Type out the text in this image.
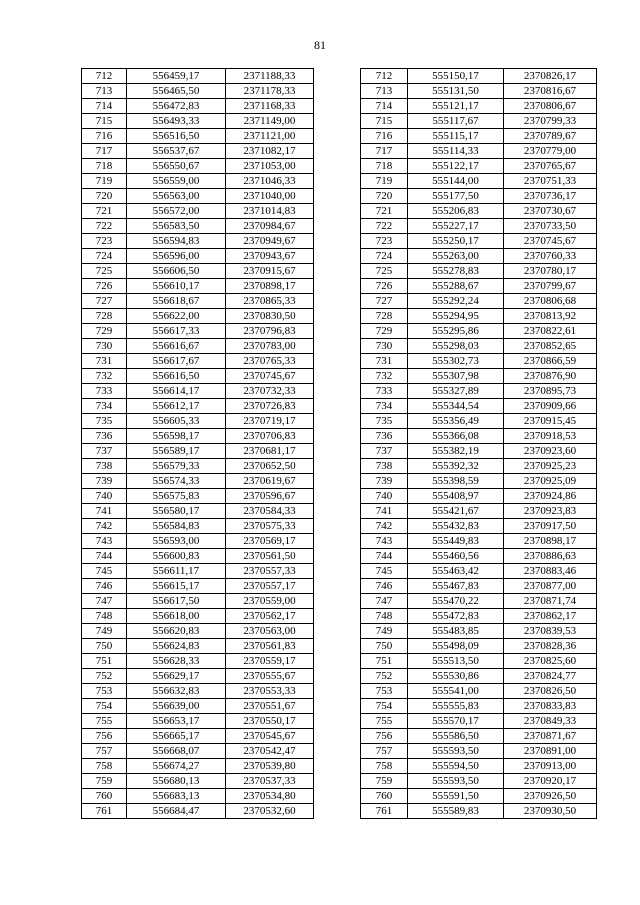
81
712	556459,17	2371188,33		712	555150,17	2370826,17
713	556465,50	2371178,33		713	555131,50	2370816,67
714	556472,83	2371168,33		714	555121,17	2370806,67
715	556493,33	2371149,00		715	555117,67	2370799,33
716	556516,50	2371121,00		716	555115,17	2370789,67
717	556537,67	2371082,17		717	555114,33	2370779,00
718	556550,67	2371053,00		718	555122,17	2370765,67
719	556559,00	2371046,33		719	555144,00	2370751,33
720	556563,00	2371040,00		720	555177,50	2370736,17
721	556572,00	2371014,83		721	555206,83	2370730,67
722	556583,50	2370984,67		722	555227,17	2370733,50
723	556594,83	2370949,67		723	555250,17	2370745,67
724	556596,00	2370943,67		724	555263,00	2370760,33
725	556606,50	2370915,67		725	555278,83	2370780,17
726	556610,17	2370898,17		726	555288,67	2370799,67
727	556618,67	2370865,33		727	555292,24	2370806,68
728	556622,00	2370830,50		728	555294,95	2370813,92
729	556617,33	2370796,83		729	555295,86	2370822,61
730	556616,67	2370783,00		730	555298,03	2370852,65
731	556617,67	2370765,33		731	555302,73	2370866,59
732	556616,50	2370745,67		732	555307,98	2370876,90
733	556614,17	2370732,33		733	555327,89	2370895,73
734	556612,17	2370726,83		734	555344,54	2370909,66
735	556605,33	2370719,17		735	555356,49	2370915,45
736	556598,17	2370706,83		736	555366,08	2370918,53
737	556589,17	2370681,17		737	555382,19	2370923,60
738	556579,33	2370652,50		738	555392,32	2370925,23
739	556574,33	2370619,67		739	555398,59	2370925,09
740	556575,83	2370596,67		740	555408,97	2370924,86
741	556580,17	2370584,33		741	555421,67	2370923,83
742	556584,83	2370575,33		742	555432,83	2370917,50
743	556593,00	2370569,17		743	555449,83	2370898,17
744	556600,83	2370561,50		744	555460,56	2370886,63
745	556611,17	2370557,33		745	555463,42	2370883,46
746	556615,17	2370557,17		746	555467,83	2370877,00
747	556617,50	2370559,00		747	555470,22	2370871,74
748	556618,00	2370562,17		748	555472,83	2370862,17
749	556620,83	2370563,00		749	555483,85	2370839,53
750	556624,83	2370561,83		750	555498,09	2370828,36
751	556628,33	2370559,17		751	555513,50	2370825,60
752	556629,17	2370555,67		752	555530,86	2370824,77
753	556632,83	2370553,33		753	555541,00	2370826,50
754	556639,00	2370551,67		754	555555,83	2370833,83
755	556653,17	2370550,17		755	555570,17	2370849,33
756	556665,17	2370545,67		756	555586,50	2370871,67
757	556668,07	2370542,47		757	555593,50	2370891,00
758	556674,27	2370539,80		758	555594,50	2370913,00
759	556680,13	2370537,33		759	555593,50	2370920,17
760	556683,13	2370534,80		760	555591,50	2370926,50
761	556684,47	2370532,60		761	555589,83	2370930,50
